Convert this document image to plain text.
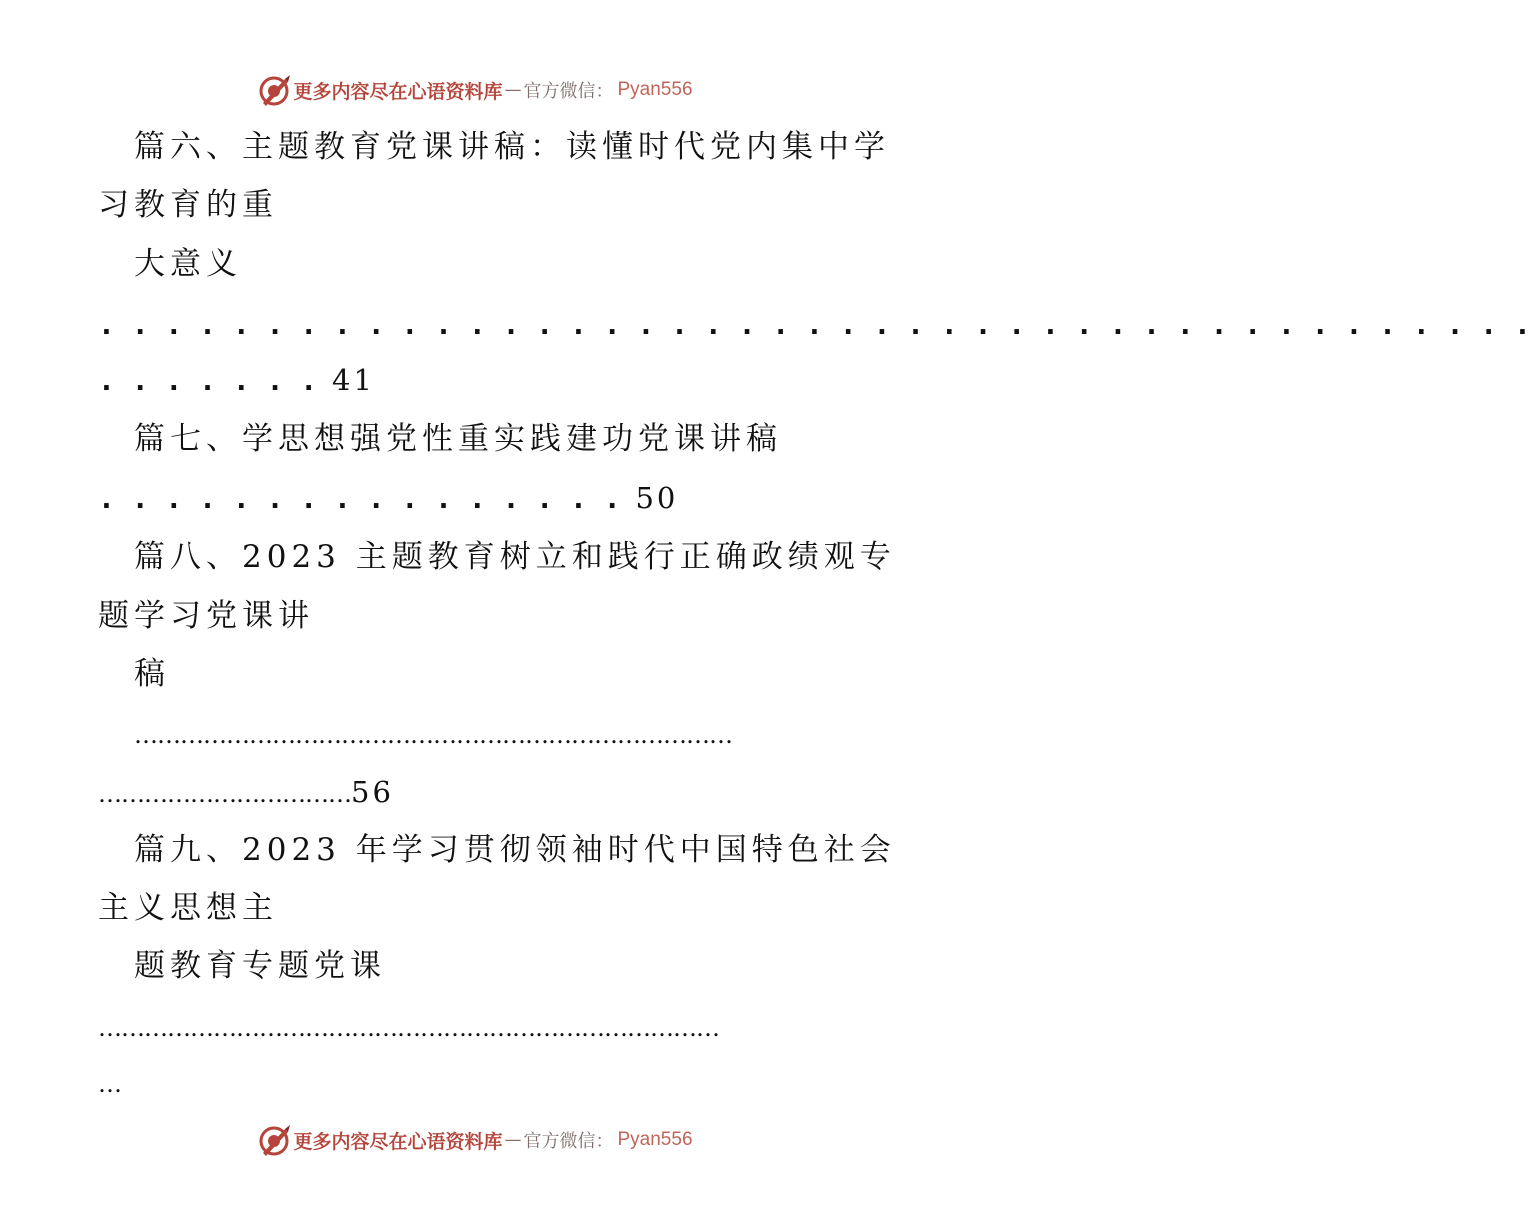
更多内容尽在心语资料库 — 官方微信： Pyan556
篇六、主题教育党课讲稿：读懂时代党内集中学
习教育的重
大意义
. . . . . . . . . . . . . . . . . . . . . . . . . . . . . . . . . . . . . . . . . . .
. . . . . . . 41
篇七、学思想强党性重实践建功党课讲稿
. . . . . . . . . . . . . . . . 50
篇八、2023 主题教育树立和践行正确政绩观专
题学习党课讲
稿
……………………………………………………………………
……………………………56
篇九、2023 年学习贯彻领袖时代中国特色社会
主义思想主
题教育专题党课
………………………………………………………………………
…
更多内容尽在心语资料库 — 官方微信： Pyan556
